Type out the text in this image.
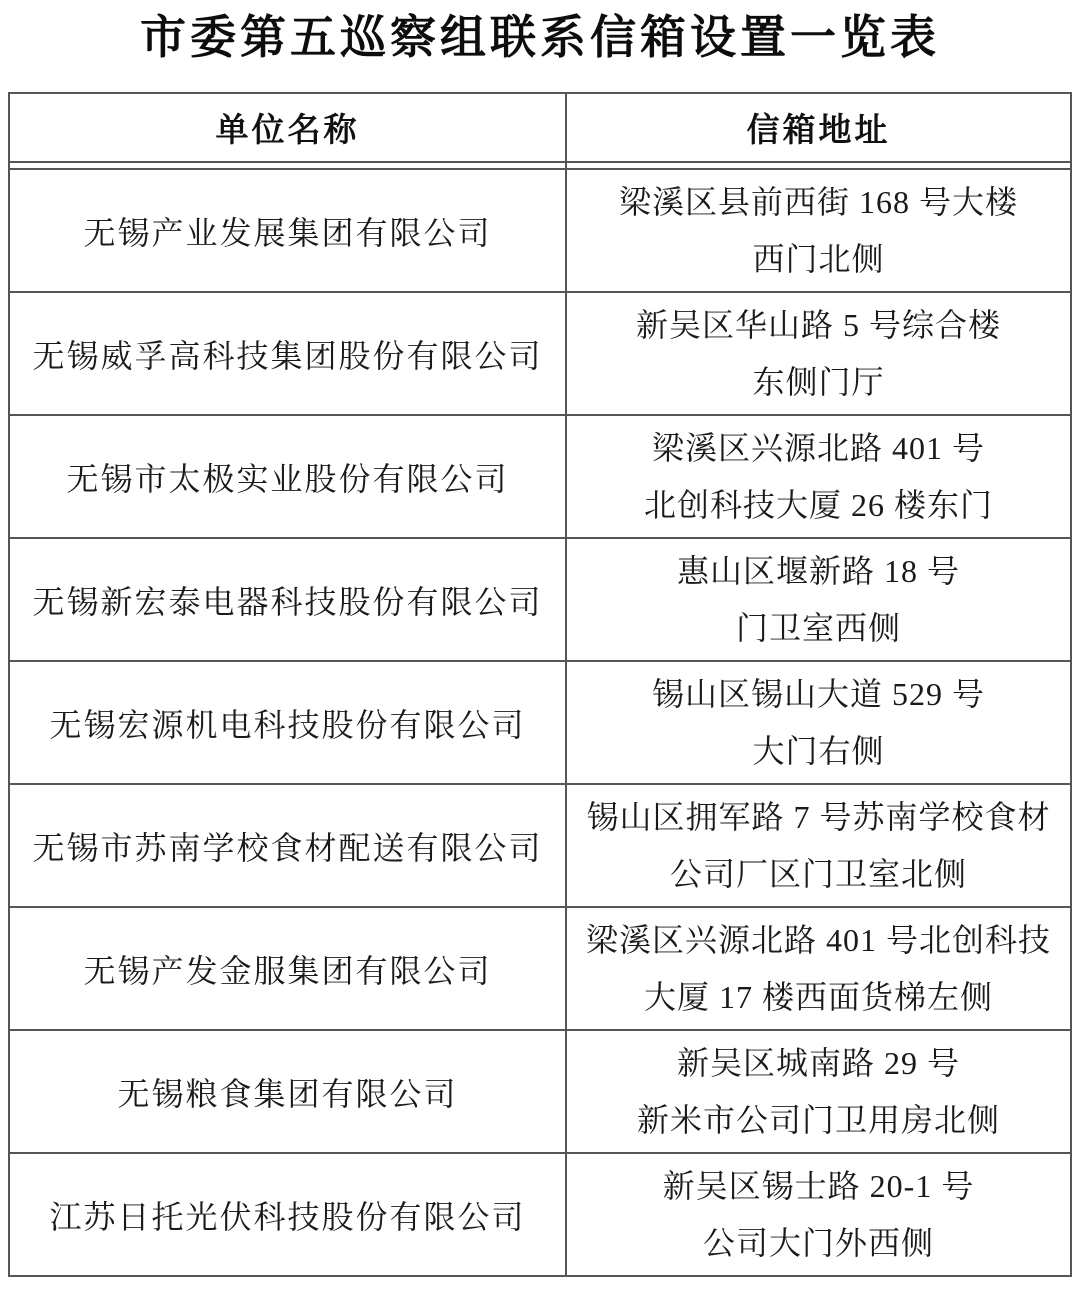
市委第五巡察组联系信箱设置一览表
单位名称	信箱地址

无锡产业发展集团有限公司	梁溪区县前西街 168 号大楼
西门北侧

无锡威孚高科技集团股份有限公司	新吴区华山路 5 号综合楼
东侧门厅

无锡市太极实业股份有限公司	梁溪区兴源北路 401 号
北创科技大厦 26 楼东门

无锡新宏泰电器科技股份有限公司	惠山区堰新路 18 号
门卫室西侧

无锡宏源机电科技股份有限公司	锡山区锡山大道 529 号
大门右侧

无锡市苏南学校食材配送有限公司	锡山区拥军路 7 号苏南学校食材
公司厂区门卫室北侧

无锡产发金服集团有限公司	梁溪区兴源北路 401 号北创科技
大厦 17 楼西面货梯左侧

无锡粮食集团有限公司	新吴区城南路 29 号
新米市公司门卫用房北侧

江苏日托光伏科技股份有限公司	新吴区锡士路 20-1 号
公司大门外西侧
